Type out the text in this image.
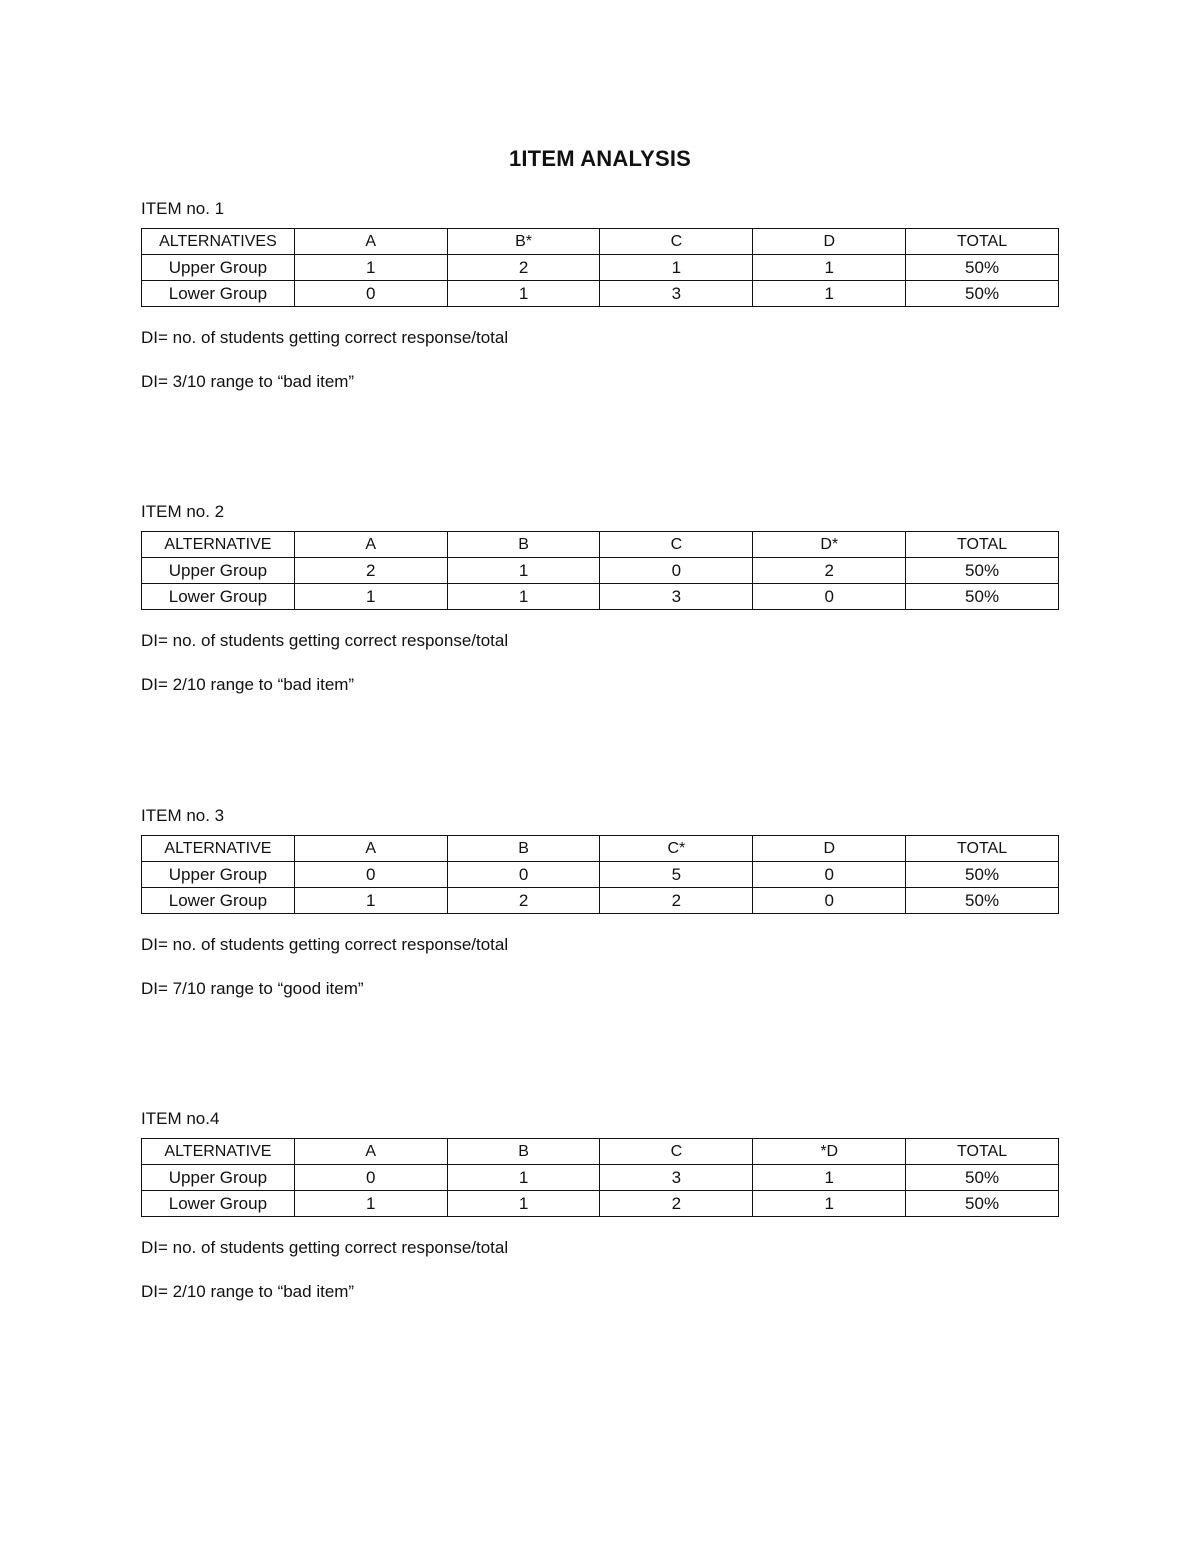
1ITEM ANALYSIS

ITEM no. 1

ALTERNATIVES	A	B*	C	D	TOTAL
Upper Group	1	2	1	1	50%
Lower Group	0	1	3	1	50%
DI= no. of students getting correct response/total
DI= 3/10 range to “bad item”

ITEM no. 2

ALTERNATIVE	A	B	C	D*	TOTAL
Upper Group	2	1	0	2	50%
Lower Group	1	1	3	0	50%
DI= no. of students getting correct response/total
DI= 2/10 range to “bad item”

ITEM no. 3

ALTERNATIVE	A	B	C*	D	TOTAL
Upper Group	0	0	5	0	50%
Lower Group	1	2	2	0	50%
DI= no. of students getting correct response/total
DI= 7/10 range to “good item”

ITEM no.4

ALTERNATIVE	A	B	C	*D	TOTAL
Upper Group	0	1	3	1	50%
Lower Group	1	1	2	1	50%
DI= no. of students getting correct response/total
DI= 2/10 range to “bad item”
